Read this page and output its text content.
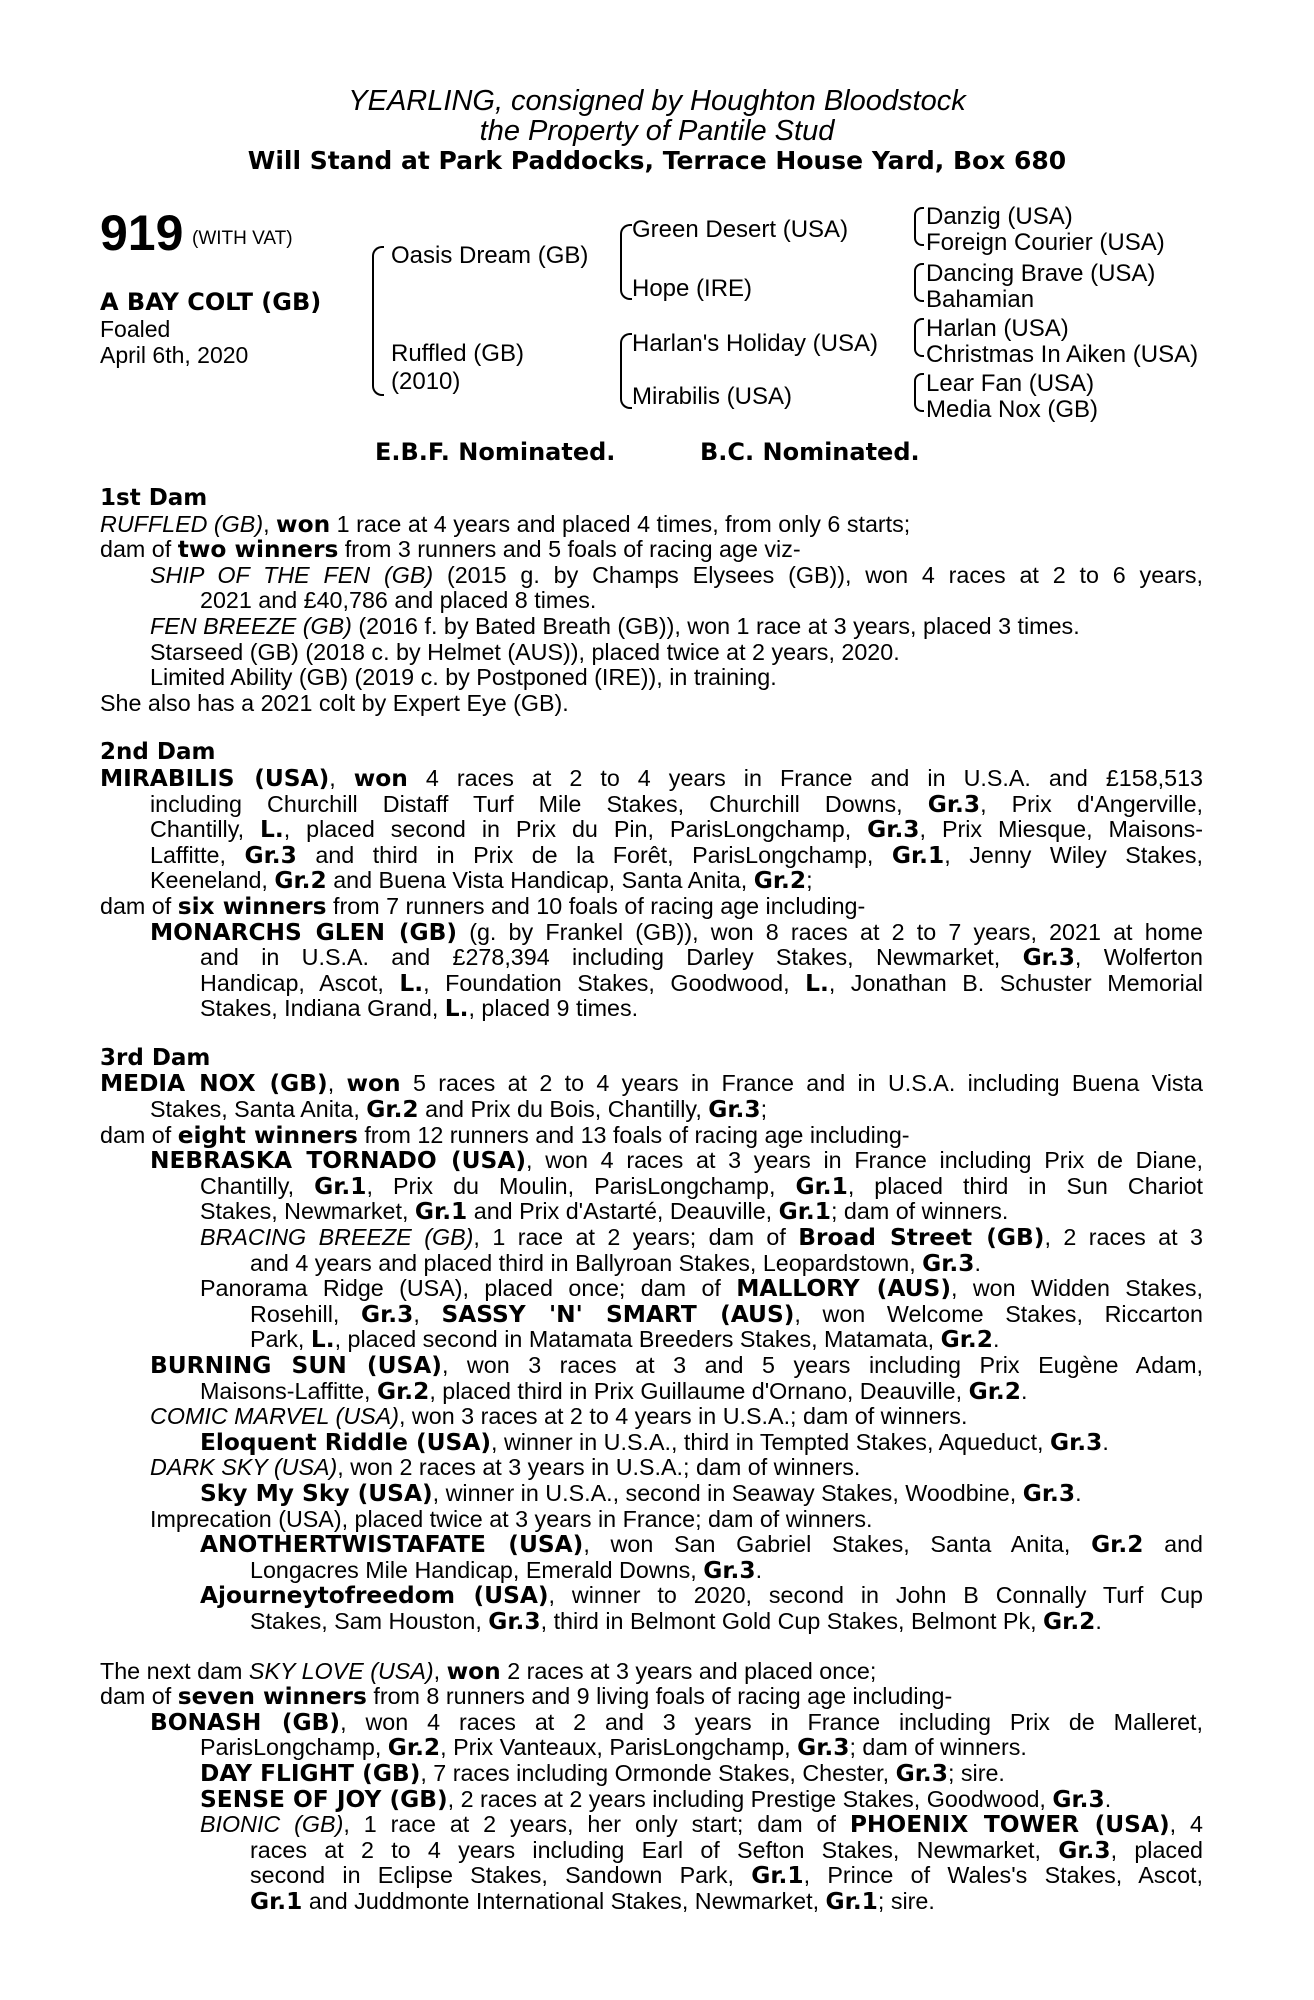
YEARLING, consigned by Houghton Bloodstock
the Property of Pantile Stud
Will Stand at Park Paddocks, Terrace House Yard, Box 680
919 (WITH VAT)
A BAY COLT (GB)
Foaled
April 6th, 2020
Oasis Dream (GB)
Ruffled (GB)
(2010)
Green Desert (USA)
Hope (IRE)
Harlan's Holiday (USA)
Mirabilis (USA)
Danzig (USA)
Foreign Courier (USA)
Dancing Brave (USA)
Bahamian
Harlan (USA)
Christmas In Aiken (USA)
Lear Fan (USA)
Media Nox (GB)
E.B.F. Nominated.	B.C. Nominated.
1st Dam
RUFFLED (GB), won 1 race at 4 years and placed 4 times, from only 6 starts;
dam of two winners from 3 runners and 5 foals of racing age viz-
SHIP OF THE FEN (GB) (2015 g. by Champs Elysees (GB)), won 4 races at 2 to 6 years,
2021 and £40,786 and placed 8 times.
FEN BREEZE (GB) (2016 f. by Bated Breath (GB)), won 1 race at 3 years, placed 3 times.
Starseed (GB) (2018 c. by Helmet (AUS)), placed twice at 2 years, 2020.
Limited Ability (GB) (2019 c. by Postponed (IRE)), in training.
She also has a 2021 colt by Expert Eye (GB).
2nd Dam
MIRABILIS (USA), won 4 races at 2 to 4 years in France and in U.S.A. and £158,513
including Churchill Distaff Turf Mile Stakes, Churchill Downs, Gr.3, Prix d'Angerville,
Chantilly, L., placed second in Prix du Pin, ParisLongchamp, Gr.3, Prix Miesque, Maisons-
Laffitte, Gr.3 and third in Prix de la Forêt, ParisLongchamp, Gr.1, Jenny Wiley Stakes,
Keeneland, Gr.2 and Buena Vista Handicap, Santa Anita, Gr.2;
dam of six winners from 7 runners and 10 foals of racing age including-
MONARCHS GLEN (GB) (g. by Frankel (GB)), won 8 races at 2 to 7 years, 2021 at home
and in U.S.A. and £278,394 including Darley Stakes, Newmarket, Gr.3, Wolferton
Handicap, Ascot, L., Foundation Stakes, Goodwood, L., Jonathan B. Schuster Memorial
Stakes, Indiana Grand, L., placed 9 times.
3rd Dam
MEDIA NOX (GB), won 5 races at 2 to 4 years in France and in U.S.A. including Buena Vista
Stakes, Santa Anita, Gr.2 and Prix du Bois, Chantilly, Gr.3;
dam of eight winners from 12 runners and 13 foals of racing age including-
NEBRASKA TORNADO (USA), won 4 races at 3 years in France including Prix de Diane,
Chantilly, Gr.1, Prix du Moulin, ParisLongchamp, Gr.1, placed third in Sun Chariot
Stakes, Newmarket, Gr.1 and Prix d'Astarté, Deauville, Gr.1; dam of winners.
BRACING BREEZE (GB), 1 race at 2 years; dam of Broad Street (GB), 2 races at 3
and 4 years and placed third in Ballyroan Stakes, Leopardstown, Gr.3.
Panorama Ridge (USA), placed once; dam of MALLORY (AUS), won Widden Stakes,
Rosehill, Gr.3, SASSY 'N' SMART (AUS), won Welcome Stakes, Riccarton
Park, L., placed second in Matamata Breeders Stakes, Matamata, Gr.2.
BURNING SUN (USA), won 3 races at 3 and 5 years including Prix Eugène Adam,
Maisons-Laffitte, Gr.2, placed third in Prix Guillaume d'Ornano, Deauville, Gr.2.
COMIC MARVEL (USA), won 3 races at 2 to 4 years in U.S.A.; dam of winners.
Eloquent Riddle (USA), winner in U.S.A., third in Tempted Stakes, Aqueduct, Gr.3.
DARK SKY (USA), won 2 races at 3 years in U.S.A.; dam of winners.
Sky My Sky (USA), winner in U.S.A., second in Seaway Stakes, Woodbine, Gr.3.
Imprecation (USA), placed twice at 3 years in France; dam of winners.
ANOTHERTWISTAFATE (USA), won San Gabriel Stakes, Santa Anita, Gr.2 and
Longacres Mile Handicap, Emerald Downs, Gr.3.
Ajourneytofreedom (USA), winner to 2020, second in John B Connally Turf Cup
Stakes, Sam Houston, Gr.3, third in Belmont Gold Cup Stakes, Belmont Pk, Gr.2.
The next dam SKY LOVE (USA), won 2 races at 3 years and placed once;
dam of seven winners from 8 runners and 9 living foals of racing age including-
BONASH (GB), won 4 races at 2 and 3 years in France including Prix de Malleret,
ParisLongchamp, Gr.2, Prix Vanteaux, ParisLongchamp, Gr.3; dam of winners.
DAY FLIGHT (GB), 7 races including Ormonde Stakes, Chester, Gr.3; sire.
SENSE OF JOY (GB), 2 races at 2 years including Prestige Stakes, Goodwood, Gr.3.
BIONIC (GB), 1 race at 2 years, her only start; dam of PHOENIX TOWER (USA), 4
races at 2 to 4 years including Earl of Sefton Stakes, Newmarket, Gr.3, placed
second in Eclipse Stakes, Sandown Park, Gr.1, Prince of Wales's Stakes, Ascot,
Gr.1 and Juddmonte International Stakes, Newmarket, Gr.1; sire.
